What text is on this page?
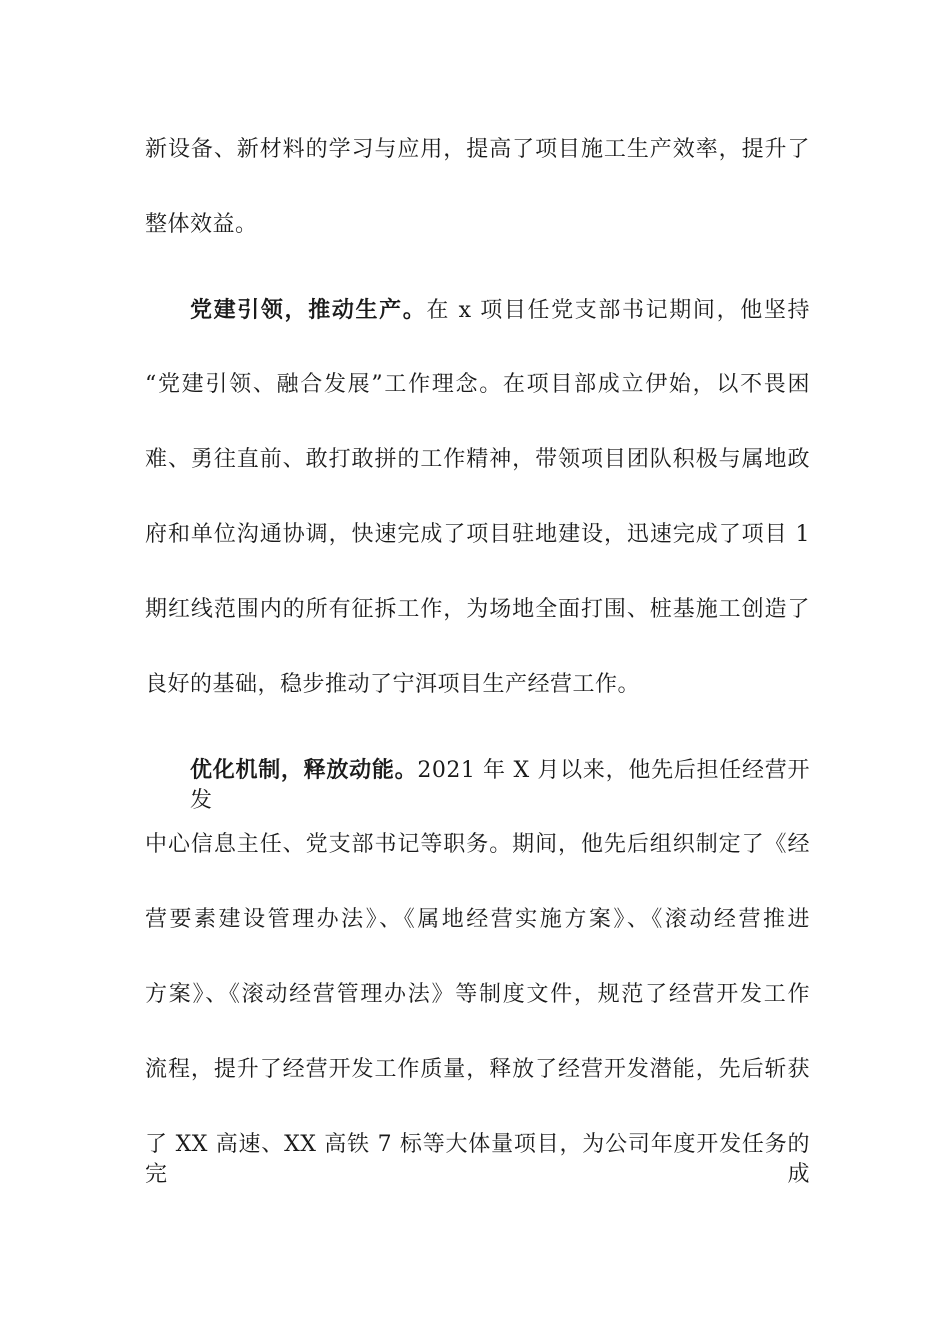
新设备、新材料的学习与应用，提高了项目施工生产效率，提升了
整体效益。
党建引领，推动生产。在 x 项目任党支部书记期间，他坚持
“党建引领、融合发展”工作理念。在项目部成立伊始，以不畏困
难、勇往直前、敢打敢拼的工作精神，带领项目团队积极与属地政
府和单位沟通协调，快速完成了项目驻地建设，迅速完成了项目 1
期红线范围内的所有征拆工作，为场地全面打围、桩基施工创造了
良好的基础，稳步推动了宁洱项目生产经营工作。
优化机制，释放动能。2021 年 X 月以来，他先后担任经营开发
中心信息主任、党支部书记等职务。期间，他先后组织制定了《经
营要素建设管理办法》、《属地经营实施方案》、《滚动经营推进
方案》、《滚动经营管理办法》等制度文件，规范了经营开发工作
流程，提升了经营开发工作质量，释放了经营开发潜能，先后斩获
了 XX 高速、XX 高铁 7 标等大体量项目，为公司年度开发任务的完成
